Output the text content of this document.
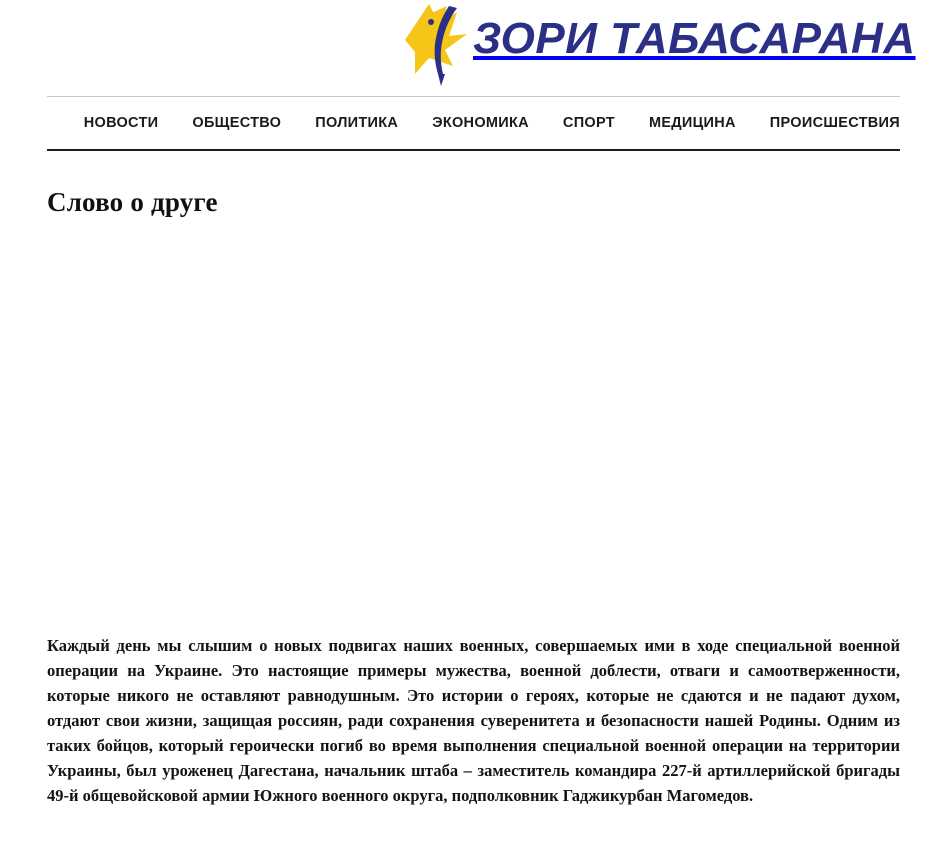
ЗОРИ ТАБАСАРАНА
НОВОСТИ	ОБЩЕСТВО	ПОЛИТИКА	ЭКОНОМИКА	СПОРТ	МЕДИЦИНА	ПРОИСШЕСТВИЯ
Слово о друге

Каждый день мы слышим о новых подвигах наших военных, совершаемых ими в ходе специальной военной операции на Украине. Это настоящие примеры мужества, военной доблести, отваги и самоотверженности, которые никого не оставляют равнодушным. Это истории о героях, которые не сдаются и не падают духом, отдают свои жизни, защищая россиян, ради сохранения суверенитета и безопасности нашей Родины. Одним из таких бойцов, который героически погиб во время выполнения специальной военной операции на территории Украины, был уроженец Дагестана, начальник штаба – заместитель командира 227-й артиллерийской бригады 49-й общевойсковой армии Южного военного округа, подполковник Гаджикурбан Магомедов.
